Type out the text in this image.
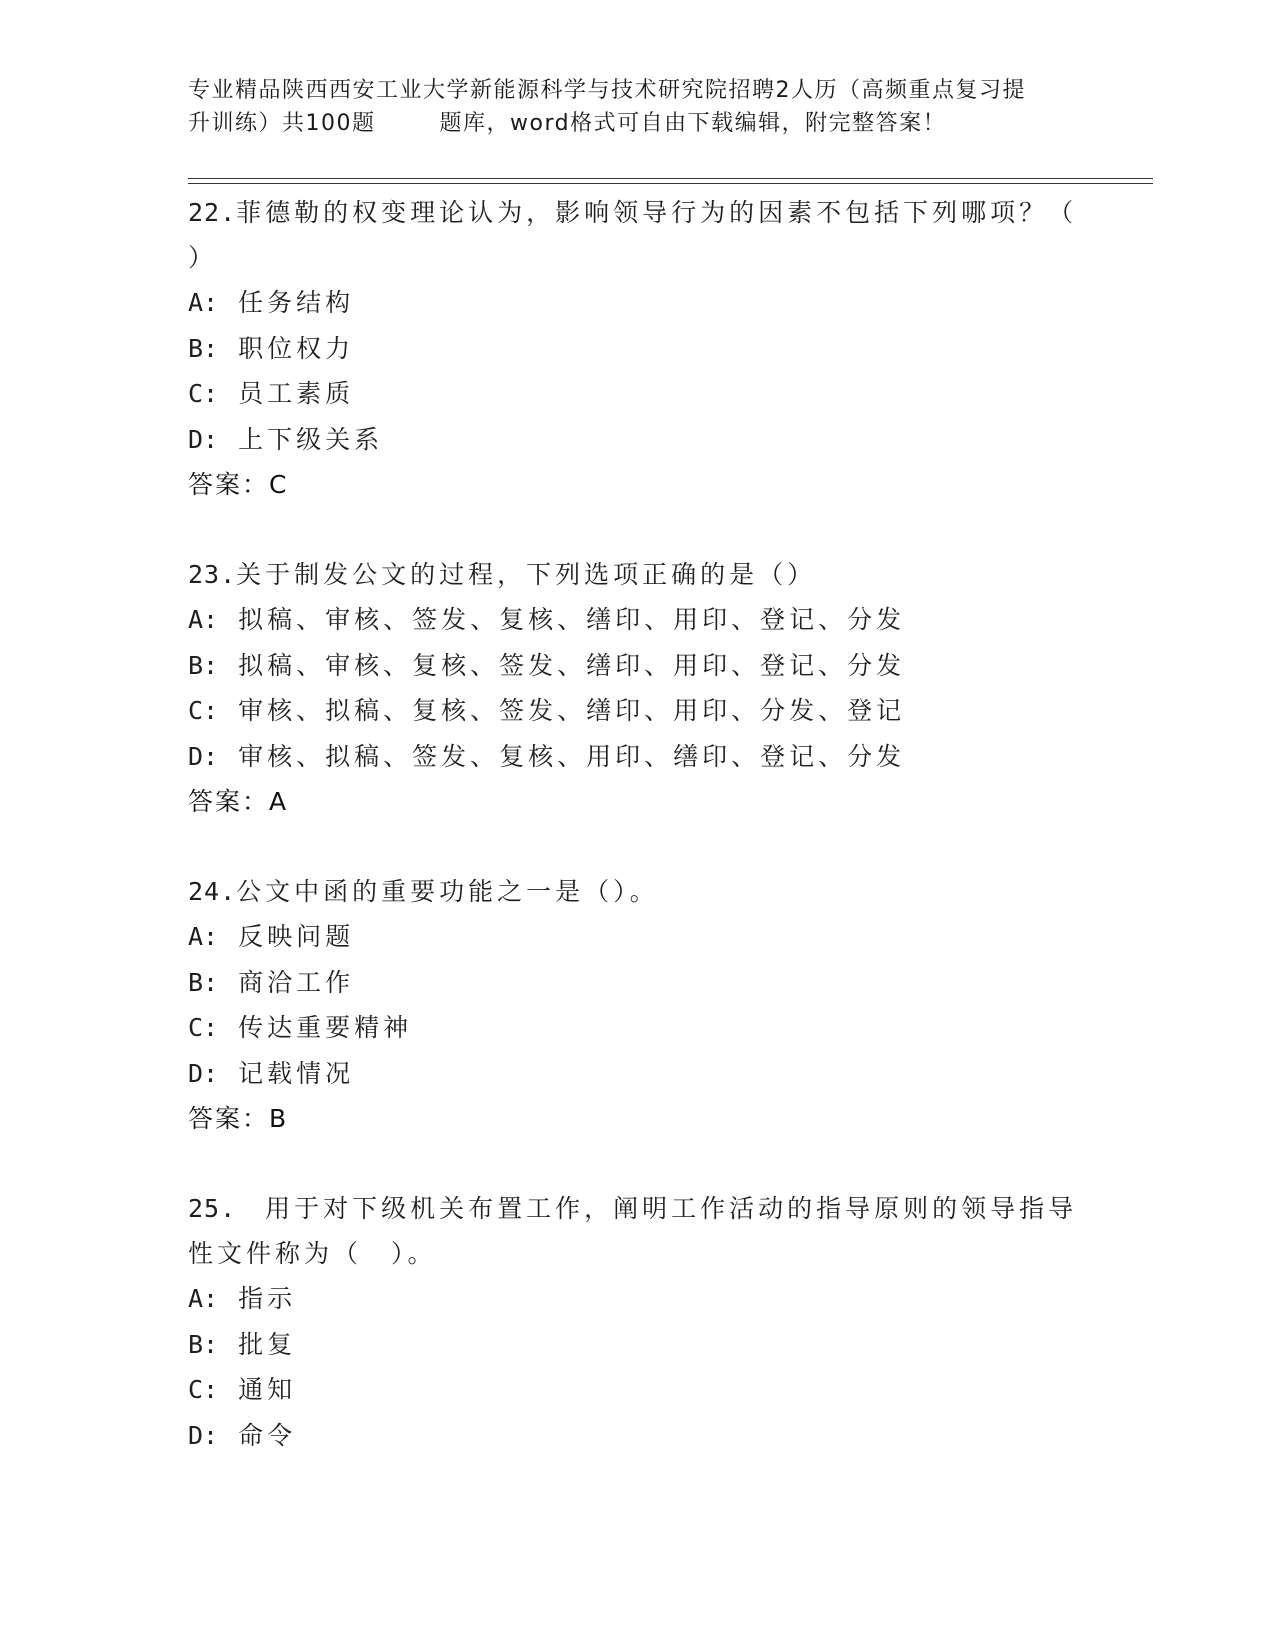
专业精品陕西西安工业大学新能源科学与技术研究院招聘2人历（高频重点复习提
升训练）共100题	题库，word格式可自由下载编辑，附完整答案！
22.菲德勒的权变理论认为，影响领导行为的因素不包括下列哪项？（
）
A: 任务结构
B: 职位权力
C: 员工素质
D: 上下级关系
答案：C
23.关于制发公文的过程，下列选项正确的是（）
A: 拟稿、审核、签发、复核、缮印、用印、登记、分发
B: 拟稿、审核、复核、签发、缮印、用印、登记、分发
C: 审核、拟稿、复核、签发、缮印、用印、分发、登记
D: 审核、拟稿、签发、复核、用印、缮印、登记、分发
答案：A
24.公文中函的重要功能之一是（）。
A: 反映问题
B: 商洽工作
C: 传达重要精神
D: 记载情况
答案：B
25.　用于对下级机关布置工作，阐明工作活动的指导原则的领导指导
性文件称为（　）。
A: 指示
B: 批复
C: 通知
D: 命令
